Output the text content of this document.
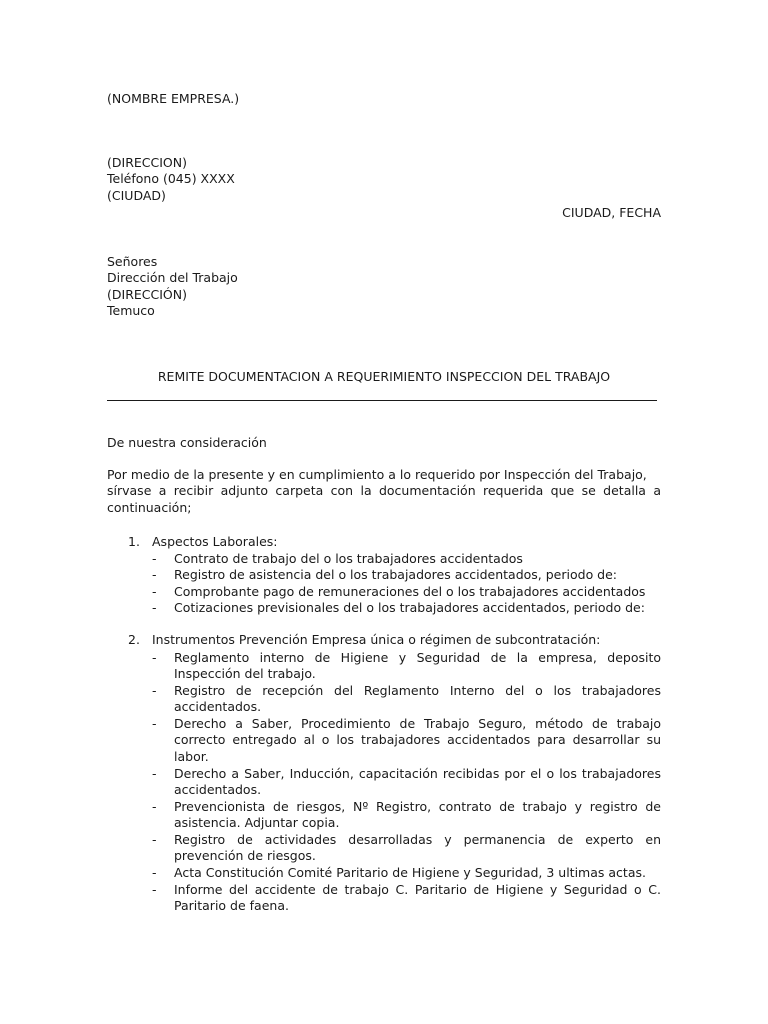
(NOMBRE EMPRESA.)
(DIRECCION)
Teléfono (045) XXXX
(CIUDAD)
CIUDAD, FECHA
Señores
Dirección del Trabajo
(DIRECCIÓN)
Temuco
REMITE DOCUMENTACION A REQUERIMIENTO INSPECCION DEL TRABAJO
De nuestra consideración
Por medio de la presente y en cumplimiento a lo requerido por Inspección del Trabajo,
sírvase a recibir adjunto carpeta con la documentación requerida que se detalla a
continuación;
1. Aspectos Laborales:
- Contrato de trabajo del o los trabajadores accidentados
- Registro de asistencia del o los trabajadores accidentados, periodo de:
- Comprobante pago de remuneraciones del o los trabajadores accidentados
- Cotizaciones previsionales del o los trabajadores accidentados, periodo de:
2. Instrumentos Prevención Empresa única o régimen de subcontratación:
- Reglamento interno de Higiene y Seguridad de la empresa, deposito
Inspección del trabajo.
- Registro de recepción del Reglamento Interno del o los trabajadores
accidentados.
- Derecho a Saber, Procedimiento de Trabajo Seguro, método de trabajo
correcto entregado al o los trabajadores accidentados para desarrollar su
labor.
- Derecho a Saber, Inducción, capacitación recibidas por el o los trabajadores
accidentados.
- Prevencionista de riesgos, Nº Registro, contrato de trabajo y registro de
asistencia. Adjuntar copia.
- Registro de actividades desarrolladas y permanencia de experto en
prevención de riesgos.
- Acta Constitución Comité Paritario de Higiene y Seguridad, 3 ultimas actas.
- Informe del accidente de trabajo C. Paritario de Higiene y Seguridad o C.
Paritario de faena.
